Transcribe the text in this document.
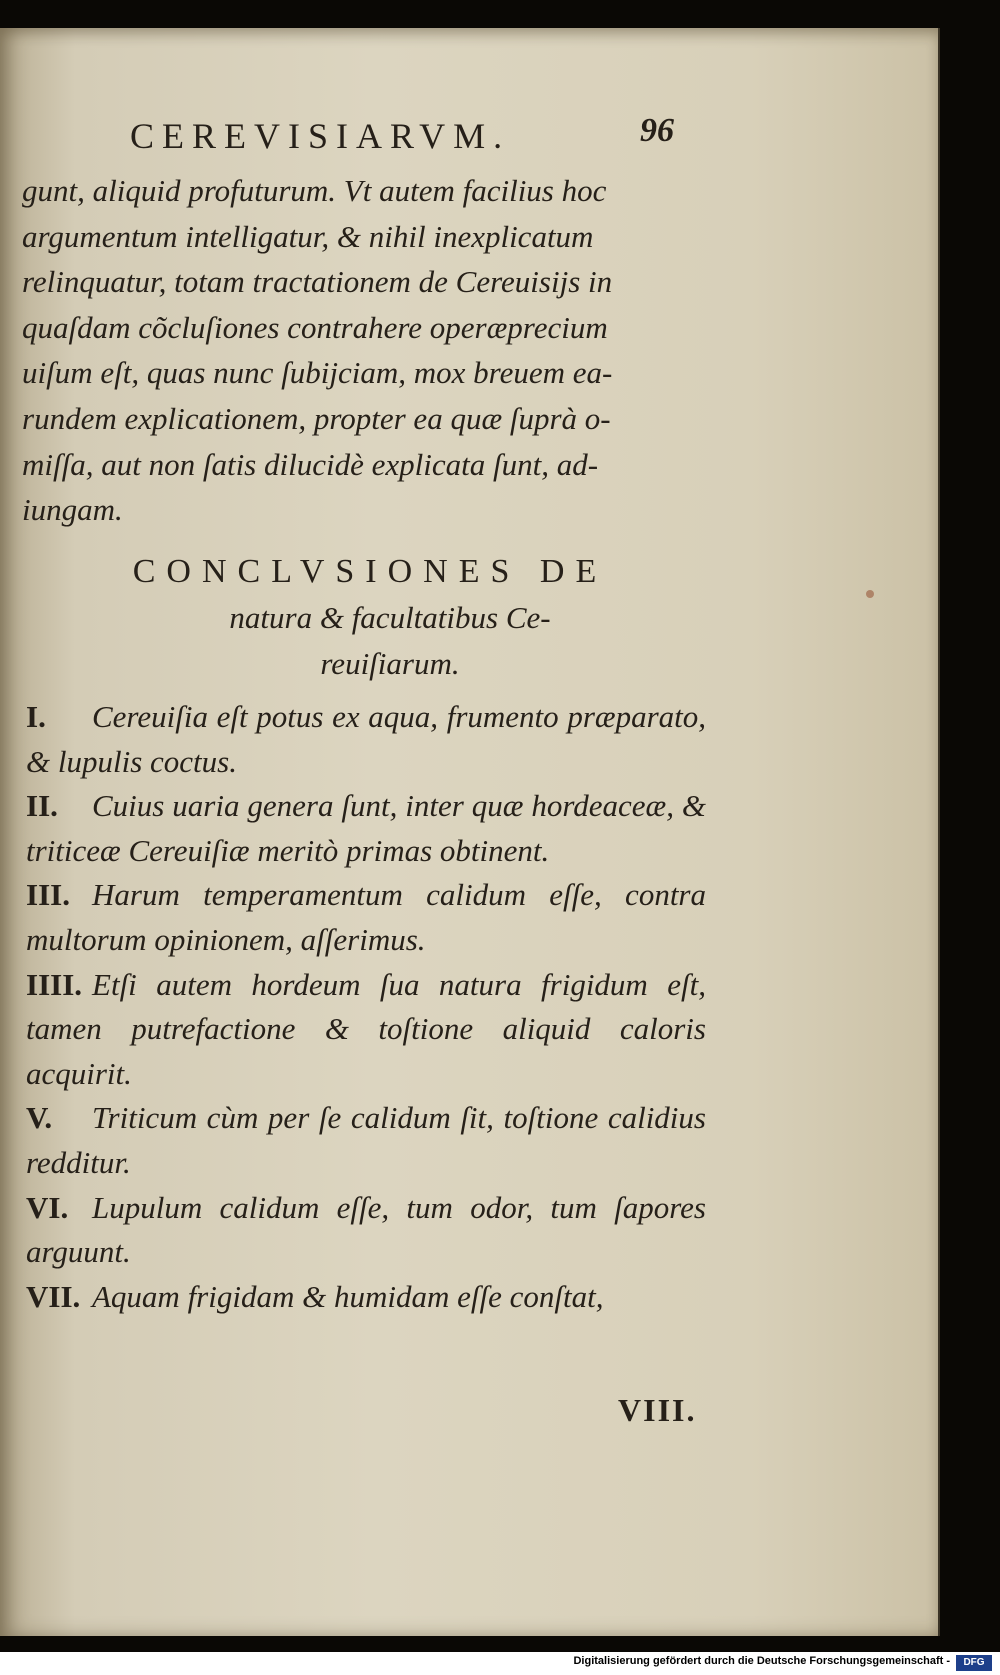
CEREVISIARVM.	96
gunt, aliquid profuturum. Vt autem facilius hoc
argumentum intelligatur, & nihil inexplicatum
relinquatur, totam tractationem de Cereuisijs in
quaſdam cõcluſiones contrahere operæprecium
uiſum eſt, quas nunc ſubijciam, mox breuem ea-
rundem explicationem, propter ea quæ ſuprà o-
miſſa, aut non ſatis dilucidè explicata ſunt, ad-
iungam.
CONCLVSIONES DE
natura & facultatibus Ce-
reuiſiarum.
I. Cereuiſia eſt potus ex aqua, frumento præparato, & lupulis coctus.
II. Cuius uaria genera ſunt, inter quæ hordeaceæ, & triticeæ Cereuiſiæ meritò primas obtinent.
III. Harum temperamentum calidum eſſe, contra multorum opinionem, aſſerimus.
IIII. Etſi autem hordeum ſua natura frigidum eſt, tamen putrefactione & toſtione aliquid caloris acquirit.
V. Triticum cùm per ſe calidum ſit, toſtione calidius redditur.
VI. Lupulum calidum eſſe, tum odor, tum ſapores arguunt.
VII. Aquam frigidam & humidam eſſe conſtat,
VIII.
Digitalisierung gefördert durch die Deutsche Forschungsgemeinschaft -	DFG
